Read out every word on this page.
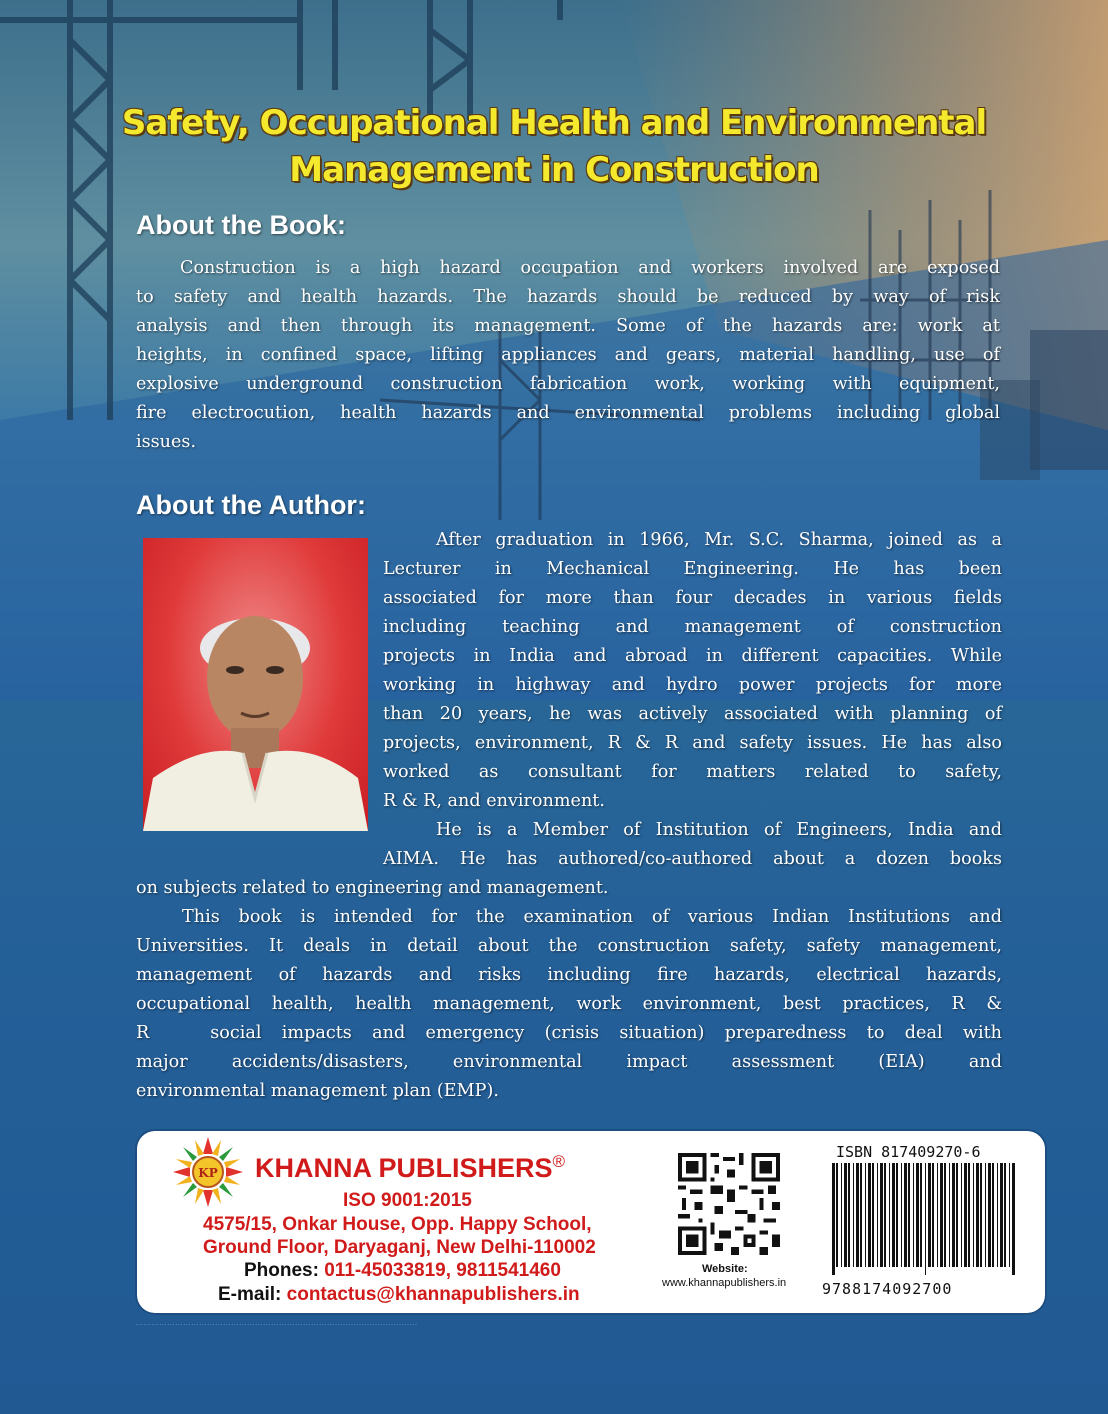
Safety, Occupational Health and Environmental
Management in Construction
About the Book:
Construction is a high hazard occupation and workers involved are exposed
to safety and health hazards. The hazards should be reduced by way of risk
analysis and then through its management. Some of the hazards are: work at
heights, in confined space, lifting appliances and gears, material handling, use of
explosive underground construction fabrication work, working with equipment,
fire electrocution, health hazards and environmental problems including global
issues.
About the Author:
After graduation in 1966, Mr. S.C. Sharma, joined as a
Lecturer in Mechanical Engineering. He has been
associated for more than four decades in various fields
including teaching and management of construction
projects in India and abroad in different capacities. While
working in highway and hydro power projects for more
than 20 years, he was actively associated with planning of
projects, environment, R & R and safety issues. He has also
worked as consultant for matters related to safety,
R & R, and environment.
He is a Member of Institution of Engineers, India and
AIMA. He has authored/co-authored about a dozen books
on subjects related to engineering and management.
This book is intended for the examination of various Indian Institutions and
Universities. It deals in detail about the construction safety, safety management,
management of hazards and risks including fire hazards, electrical hazards,
occupational health, health management, work environment, best practices, R &
R   social impacts and emergency (crisis situation) preparedness to deal with
major accidents/disasters, environmental impact assessment (EIA) and
environmental management plan (EMP).
KP KHANNA PUBLISHERS®
ISO 9001:2015
4575/15, Onkar House, Opp. Happy School,
Ground Floor, Daryaganj, New Delhi-110002
Phones: 011-45033819, 9811541460
E-mail: contactus@khannapublishers.in
Website:
www.khannapublishers.in
ISBN 817409270-6
9788174092700
··········································································································
